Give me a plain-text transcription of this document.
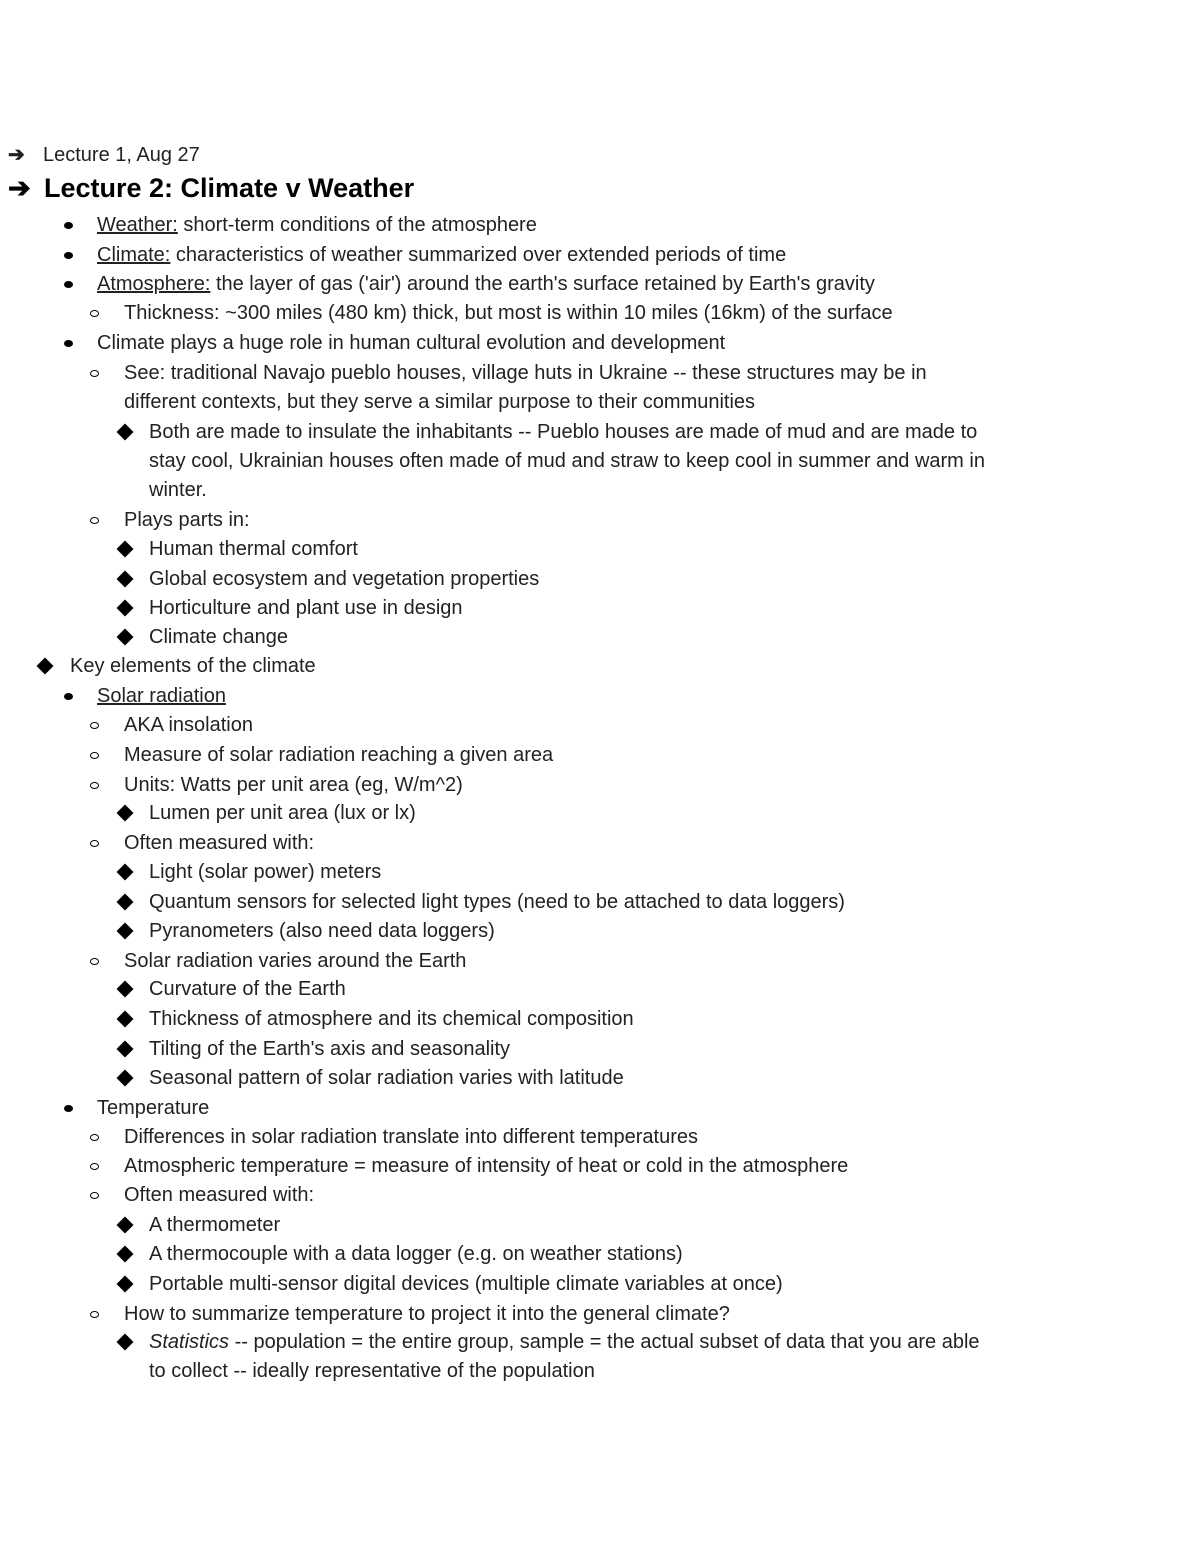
➔ Lecture 1, Aug 27
➔ Lecture 2: Climate v Weather
Weather: short-term conditions of the atmosphere
Climate: characteristics of weather summarized over extended periods of time
Atmosphere: the layer of gas ('air') around the earth's surface retained by Earth's gravity
Thickness: ~300 miles (480 km) thick, but most is within 10 miles (16km) of the surface
Climate plays a huge role in human cultural evolution and development
See: traditional Navajo pueblo houses, village huts in Ukraine -- these structures may be in
different contexts, but they serve a similar purpose to their communities
Both are made to insulate the inhabitants -- Pueblo houses are made of mud and are made to
stay cool, Ukrainian houses often made of mud and straw to keep cool in summer and warm in
winter.
Plays parts in:
Human thermal comfort
Global ecosystem and vegetation properties
Horticulture and plant use in design
Climate change
Key elements of the climate
Solar radiation
AKA insolation
Measure of solar radiation reaching a given area
Units: Watts per unit area (eg, W/m^2)
Lumen per unit area (lux or lx)
Often measured with:
Light (solar power) meters
Quantum sensors for selected light types (need to be attached to data loggers)
Pyranometers (also need data loggers)
Solar radiation varies around the Earth
Curvature of the Earth
Thickness of atmosphere and its chemical composition
Tilting of the Earth's axis and seasonality
Seasonal pattern of solar radiation varies with latitude
Temperature
Differences in solar radiation translate into different temperatures
Atmospheric temperature = measure of intensity of heat or cold in the atmosphere
Often measured with:
A thermometer
A thermocouple with a data logger (e.g. on weather stations)
Portable multi-sensor digital devices (multiple climate variables at once)
How to summarize temperature to project it into the general climate?
Statistics -- population = the entire group, sample = the actual subset of data that you are able
to collect -- ideally representative of the population
